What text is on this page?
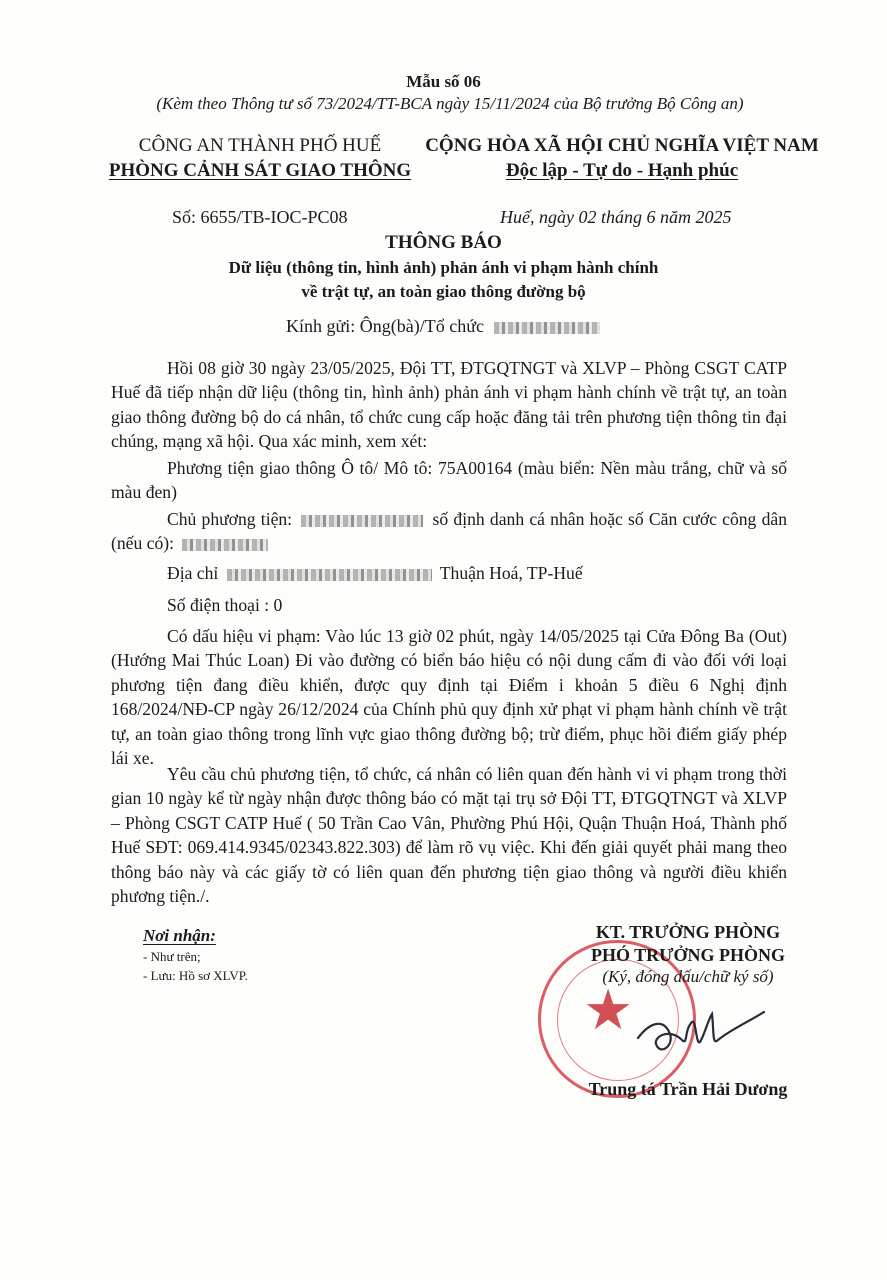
Mẫu số 06
(Kèm theo Thông tư số 73/2024/TT-BCA ngày 15/11/2024 của Bộ trưởng Bộ Công an)
CÔNG AN THÀNH PHỐ HUẾ
PHÒNG CẢNH SÁT GIAO THÔNG
CỘNG HÒA XÃ HỘI CHỦ NGHĨA VIỆT NAM
Độc lập - Tự do - Hạnh phúc
Số: 6655/TB-IOC-PC08	Huế, ngày 02 tháng 6 năm 2025
THÔNG BÁO
Dữ liệu (thông tin, hình ảnh) phản ánh vi phạm hành chính
về trật tự, an toàn giao thông đường bộ
Kính gửi: Ông(bà)/Tổ chức
Hồi 08 giờ 30 ngày 23/05/2025, Đội TT, ĐTGQTNGT và XLVP – Phòng CSGT CATP Huế đã tiếp nhận dữ liệu (thông tin, hình ảnh) phản ánh vi phạm hành chính về trật tự, an toàn giao thông đường bộ do cá nhân, tổ chức cung cấp hoặc đăng tải trên phương tiện thông tin đại chúng, mạng xã hội. Qua xác minh, xem xét:
Phương tiện giao thông Ô tô/ Mô tô: 75A00164 (màu biển: Nền màu trắng, chữ và số màu đen)
Chủ phương tiện:	số định danh cá nhân hoặc số Căn cước công dân (nếu có):
Địa chỉ	Thuận Hoá, TP-Huế
Số điện thoại : 0
Có dấu hiệu vi phạm: Vào lúc 13 giờ 02 phút, ngày 14/05/2025 tại Cửa Đông Ba (Out) (Hướng Mai Thúc Loan) Đi vào đường có biển báo hiệu có nội dung cấm đi vào đối với loại phương tiện đang điều khiển, được quy định tại Điểm i khoản 5 điều 6 Nghị định 168/2024/NĐ-CP ngày 26/12/2024 của Chính phủ quy định xử phạt vi phạm hành chính về trật tự, an toàn giao thông trong lĩnh vực giao thông đường bộ; trừ điểm, phục hồi điểm giấy phép lái xe.
Yêu cầu chủ phương tiện, tổ chức, cá nhân có liên quan đến hành vi vi phạm trong thời gian 10 ngày kể từ ngày nhận được thông báo có mặt tại trụ sở Đội TT, ĐTGQTNGT và XLVP – Phòng CSGT CATP Huế ( 50 Trần Cao Vân, Phường Phú Hội, Quận Thuận Hoá, Thành phố Huế SĐT: 069.414.9345/02343.822.303) để làm rõ vụ việc. Khi đến giải quyết phải mang theo thông báo này và các giấy tờ có liên quan đến phương tiện giao thông và người điều khiển phương tiện./.
Nơi nhận:
- Như trên;
- Lưu: Hồ sơ XLVP.
★
KT. TRƯỞNG PHÒNG
PHÓ TRƯỞNG PHÒNG
(Ký, đóng dấu/chữ ký số)
Trung tá Trần Hải Dương
